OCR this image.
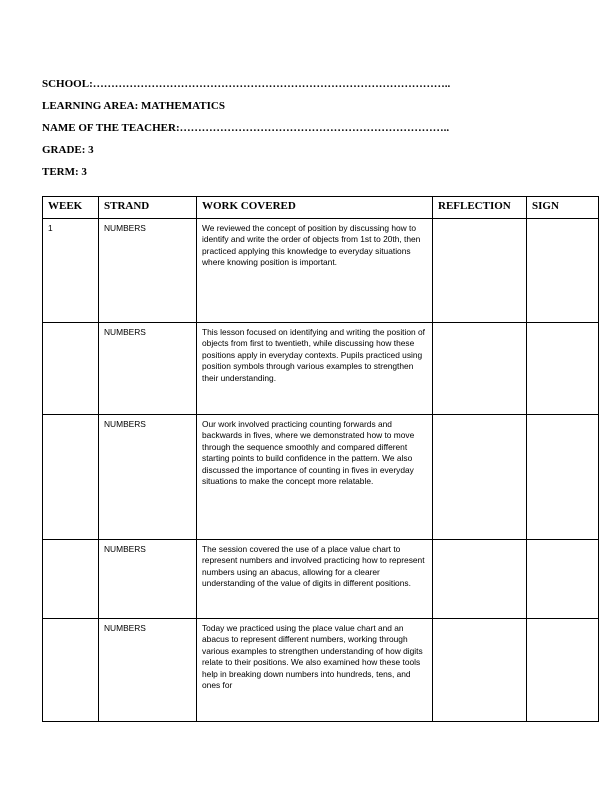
SCHOOL:……………………………………………………………………………………..
LEARNING AREA: MATHEMATICS
NAME OF THE TEACHER:………………………………………………………………..
GRADE: 3
TERM: 3
WEEK	STRAND	WORK COVERED	REFLECTION	SIGN
1	NUMBERS	We reviewed the concept of position by discussing how to identify and write the order of objects from 1st to 20th, then practiced applying this knowledge to everyday situations where knowing position is important.		
	NUMBERS	This lesson focused on identifying and writing the position of objects from first to twentieth, while discussing how these positions apply in everyday contexts. Pupils practiced using position symbols through various examples to strengthen their understanding.		
	NUMBERS	Our work involved practicing counting forwards and backwards in fives, where we demonstrated how to move through the sequence smoothly and compared different starting points to build confidence in the pattern. We also discussed the importance of counting in fives in everyday situations to make the concept more relatable.		
	NUMBERS	The session covered the use of a place value chart to represent numbers and involved practicing how to represent numbers using an abacus, allowing for a clearer understanding of the value of digits in different positions.		
	NUMBERS	Today we practiced using the place value chart and an abacus to represent different numbers, working through various examples to strengthen understanding of how digits relate to their positions. We also examined how these tools help in breaking down numbers into hundreds, tens, and ones for		
